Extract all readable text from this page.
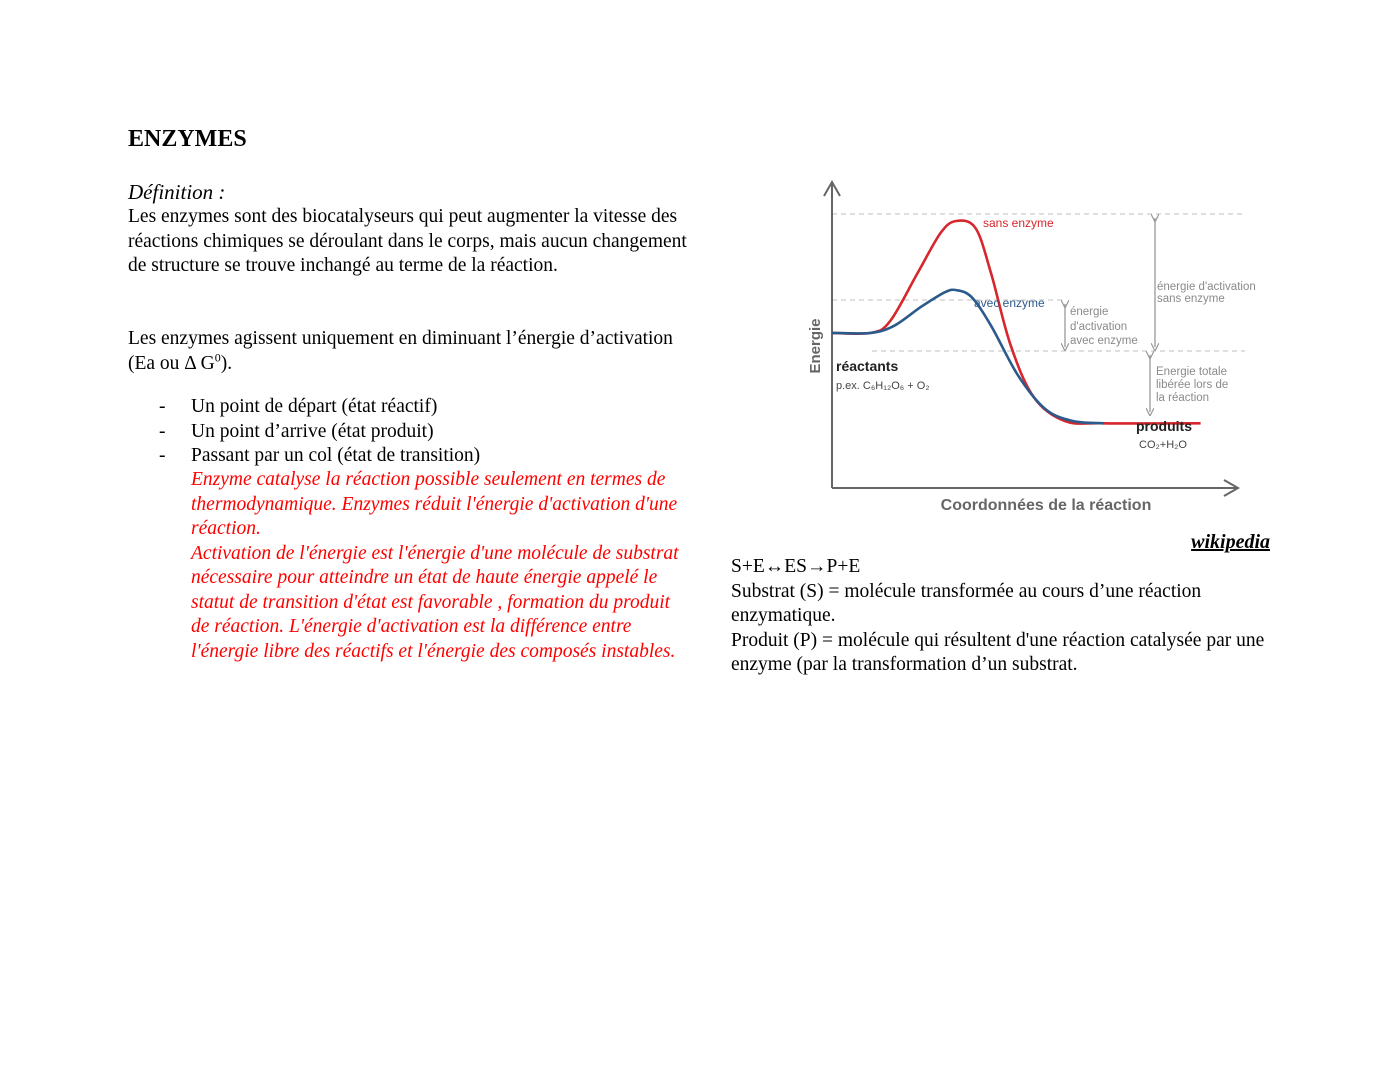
ENZYMES
Définition :

Les enzymes sont des biocatalyseurs qui peut augmenter la vitesse des réactions chimiques se déroulant dans le corps, mais aucun changement de structure se trouve inchangé au terme de la réaction.

Les enzymes agissent uniquement en diminuant l’énergie d’activation (Ea ou Δ $G^0$).

- Un point de départ (état réactif)
- Un point d’arrive (état produit)
- Passant par un col (état de transition)

Enzyme catalyse la réaction possible seulement en termes de thermodynamique. Enzymes réduit l'énergie d'activation d'une réaction.

Activation de l'énergie est l'énergie d'une molécule de substrat nécessaire pour atteindre un état de haute énergie appelé le statut de transition d'état est favorable , formation du produit de réaction. L'énergie d'activation est la différence entre l'énergie libre des réactifs et l'énergie des composés instables.

sans enzyme
avec enzyme
réactants
p.ex. C₆H₁₂O₆ + O₂
produits
CO₂+H₂O
énergie d'activation
sans enzyme
énergie
d'activation
avec enzyme
Energie totale
libérée lors de
la réaction
Coordonnées de la réaction
Energie
wikipedia

S+E↔ES→P+E

Substrat (S) = molécule transformée au cours d’une réaction enzymatique.

Produit (P) = molécule qui résultent d'une réaction catalysée par une enzyme (par la transformation d’un substrat.
